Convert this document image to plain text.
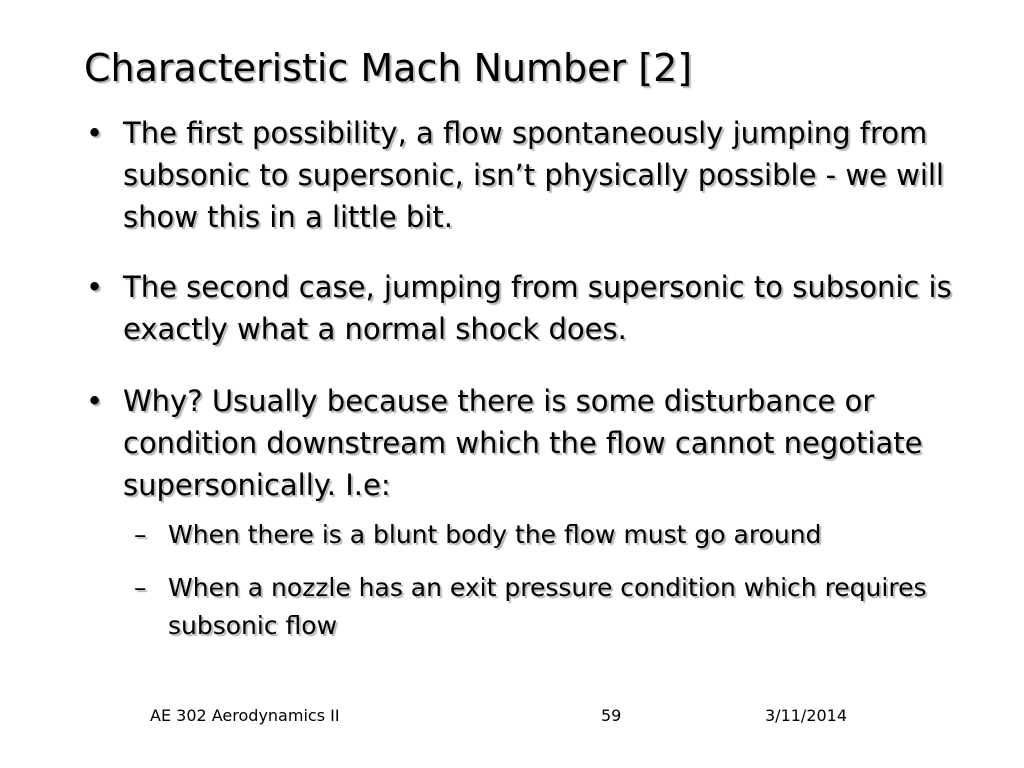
Characteristic Mach Number [2]
• The first possibility, a flow spontaneously jumping from subsonic to supersonic, isn’t physically possible - we will show this in a little bit.
• The second case, jumping from supersonic to subsonic is exactly what a normal shock does.
• Why? Usually because there is some disturbance or condition downstream which the flow cannot negotiate supersonically. I.e:
– When there is a blunt body the flow must go around
– When a nozzle has an exit pressure condition which requires subsonic flow
AE 302 Aerodynamics II	59	3/11/2014
